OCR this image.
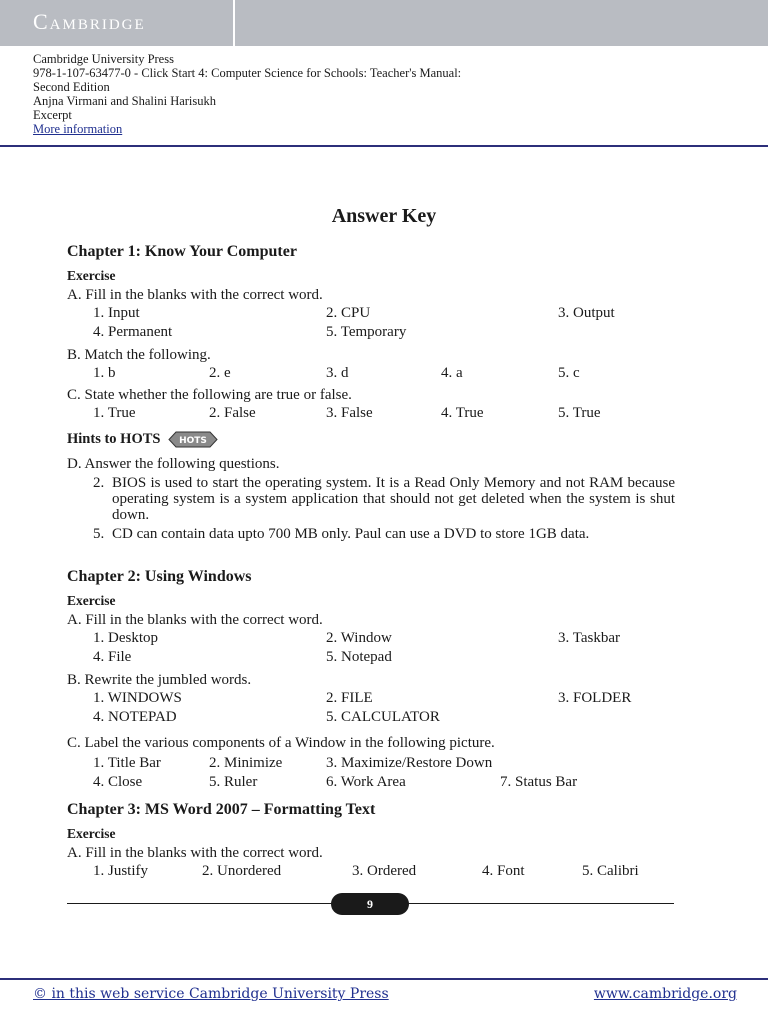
Cambridge
Cambridge University Press
978-1-107-63477-0 - Click Start 4: Computer Science for Schools: Teacher's Manual:
Second Edition
Anjna Virmani and Shalini Harisukh
Excerpt
More information
Answer Key
Chapter 1: Know Your Computer
Exercise
A. Fill in the blanks with the correct word.
1. Input	2. CPU	3. Output
4. Permanent	5. Temporary
B. Match the following.
1. b	2. e	3. d	4. a	5. c
C. State whether the following are true or false.
1. True	2. False	3. False	4. True	5. True
Hints to HOTS HOTS
D. Answer the following questions.
2. BIOS is used to start the operating system. It is a Read Only Memory and not RAM because operating system is a system application that should not get deleted when the system is shut down.
5. CD can contain data upto 700 MB only. Paul can use a DVD to store 1GB data.
Chapter 2: Using Windows
Exercise
A. Fill in the blanks with the correct word.
1. Desktop	2. Window	3. Taskbar
4. File	5. Notepad
B. Rewrite the jumbled words.
1. WINDOWS	2. FILE	3. FOLDER
4. NOTEPAD	5. CALCULATOR
C. Label the various components of a Window in the following picture.
1. Title Bar	2. Minimize	3. Maximize/Restore Down
4. Close	5. Ruler	6. Work Area	7. Status Bar
Chapter 3: MS Word 2007 – Formatting Text
Exercise
A. Fill in the blanks with the correct word.
1. Justify	2. Unordered	3. Ordered	4. Font	5. Calibri
9
© in this web service Cambridge University Press	www.cambridge.org
